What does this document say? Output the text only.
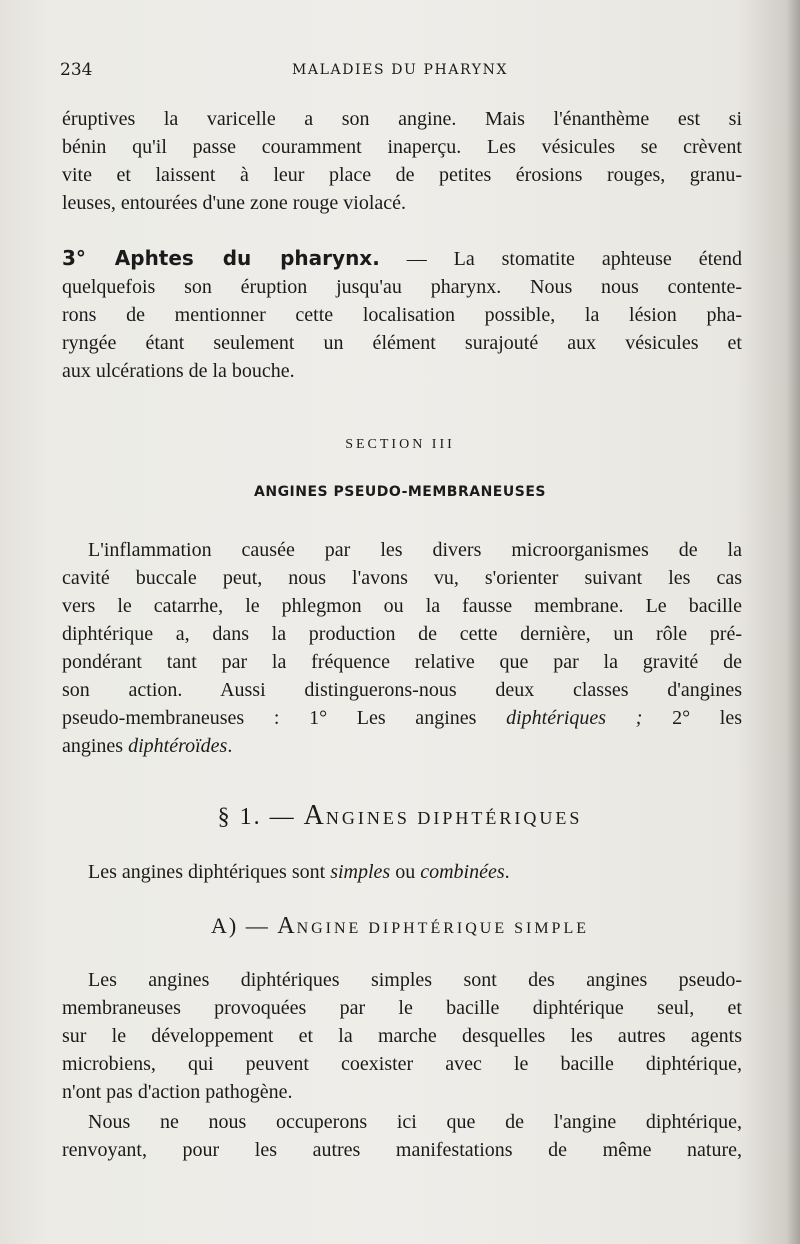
234	MALADIES DU PHARYNX
éruptives la varicelle a son angine. Mais l'énanthème est si
bénin qu'il passe couramment inaperçu. Les vésicules se crèvent
vite et laissent à leur place de petites érosions rouges, granu-
leuses, entourées d'une zone rouge violacé.
3° Aphtes du pharynx. — La stomatite aphteuse étend
quelquefois son éruption jusqu'au pharynx. Nous nous contente-
rons de mentionner cette localisation possible, la lésion pha-
ryngée étant seulement un élément surajouté aux vésicules et
aux ulcérations de la bouche.
SECTION III
ANGINES PSEUDO-MEMBRANEUSES
L'inflammation causée par les divers microorganismes de la
cavité buccale peut, nous l'avons vu, s'orienter suivant les cas
vers le catarrhe, le phlegmon ou la fausse membrane. Le bacille
diphtérique a, dans la production de cette dernière, un rôle pré-
pondérant tant par la fréquence relative que par la gravité de
son action. Aussi distinguerons-nous deux classes d'angines
pseudo-membraneuses : 1° Les angines diphtériques ; 2° les
angines diphtéroïdes.
§ 1. — ANGINES DIPHTÉRIQUES
Les angines diphtériques sont simples ou combinées.
A) — ANGINE DIPHTÉRIQUE SIMPLE
Les angines diphtériques simples sont des angines pseudo-
membraneuses provoquées par le bacille diphtérique seul, et
sur le développement et la marche desquelles les autres agents
microbiens, qui peuvent coexister avec le bacille diphtérique,
n'ont pas d'action pathogène.
Nous ne nous occuperons ici que de l'angine diphtérique,
renvoyant, pour les autres manifestations de même nature,
